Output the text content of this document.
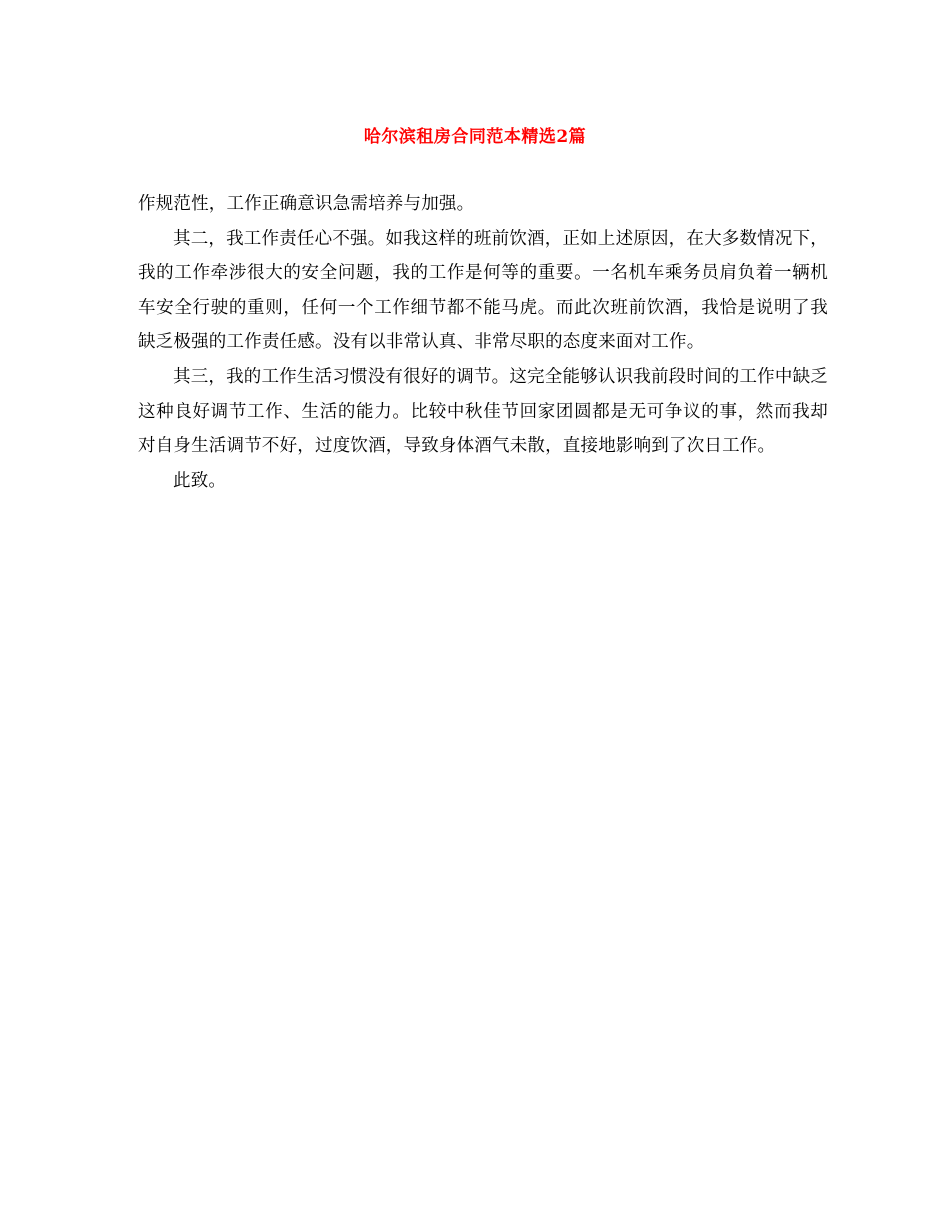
哈尔滨租房合同范本精选2篇

作规范性，工作正确意识急需培养与加强。

其二，我工作责任心不强。如我这样的班前饮酒，正如上述原因，在大多数情况下，我的工作牵涉很大的安全问题，我的工作是何等的重要。一名机车乘务员肩负着一辆机车安全行驶的重则，任何一个工作细节都不能马虎。而此次班前饮酒，我恰是说明了我缺乏极强的工作责任感。没有以非常认真、非常尽职的态度来面对工作。

其三，我的工作生活习惯没有很好的调节。这完全能够认识我前段时间的工作中缺乏这种良好调节工作、生活的能力。比较中秋佳节回家团圆都是无可争议的事，然而我却对自身生活调节不好，过度饮酒，导致身体酒气未散，直接地影响到了次日工作。

此致。
